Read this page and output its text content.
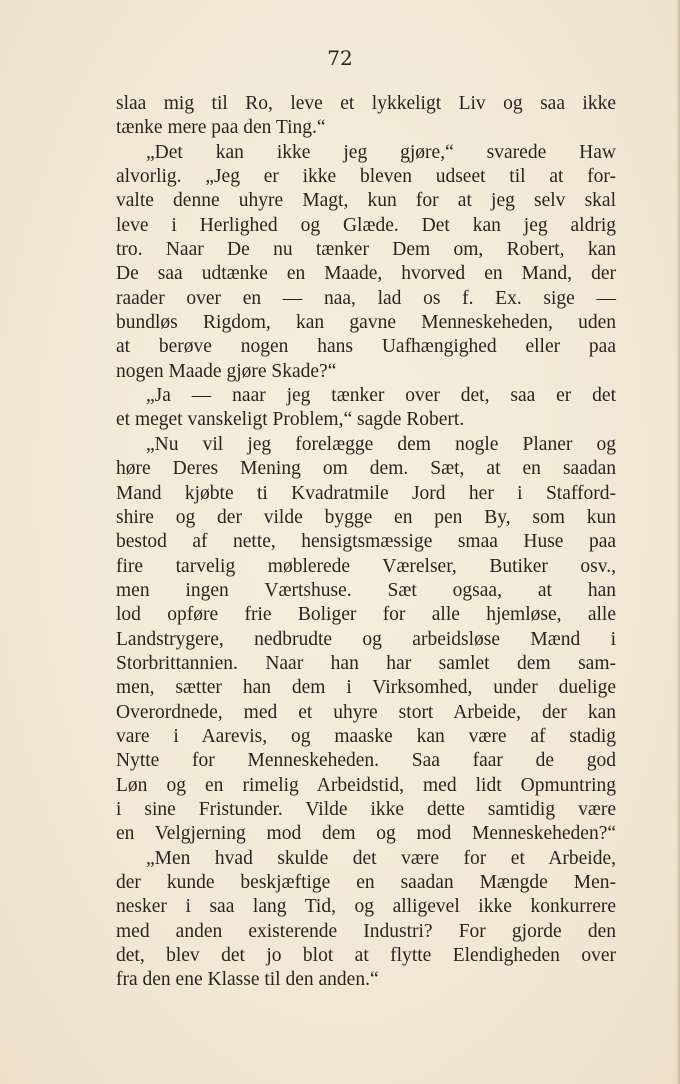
72
slaa mig til Ro, leve et lykkeligt Liv og saa ikke
tænke mere paa den Ting.“
„Det kan ikke jeg gjøre,“ svarede Haw
alvorlig. „Jeg er ikke bleven udseet til at for-
valte denne uhyre Magt, kun for at jeg selv skal
leve i Herlighed og Glæde. Det kan jeg aldrig
tro. Naar De nu tænker Dem om, Robert, kan
De saa udtænke en Maade, hvorved en Mand, der
raader over en — naa, lad os f. Ex. sige —
bundløs Rigdom, kan gavne Menneskeheden, uden
at berøve nogen hans Uafhængighed eller paa
nogen Maade gjøre Skade?“
„Ja — naar jeg tænker over det, saa er det
et meget vanskeligt Problem,“ sagde Robert.
„Nu vil jeg forelægge dem nogle Planer og
høre Deres Mening om dem. Sæt, at en saadan
Mand kjøbte ti Kvadratmile Jord her i Stafford-
shire og der vilde bygge en pen By, som kun
bestod af nette, hensigtsmæssige smaa Huse paa
fire tarvelig møblerede Værelser, Butiker osv.,
men ingen Værtshuse. Sæt ogsaa, at han
lod opføre frie Boliger for alle hjemløse, alle
Landstrygere, nedbrudte og arbeidsløse Mænd i
Storbrittannien. Naar han har samlet dem sam-
men, sætter han dem i Virksomhed, under duelige
Overordnede, med et uhyre stort Arbeide, der kan
vare i Aarevis, og maaske kan være af stadig
Nytte for Menneskeheden. Saa faar de god
Løn og en rimelig Arbeidstid, med lidt Opmuntring
i sine Fristunder. Vilde ikke dette samtidig være
en Velgjerning mod dem og mod Menneskeheden?“
„Men hvad skulde det være for et Arbeide,
der kunde beskjæftige en saadan Mængde Men-
nesker i saa lang Tid, og alligevel ikke konkurrere
med anden existerende Industri? For gjorde den
det, blev det jo blot at flytte Elendigheden over
fra den ene Klasse til den anden.“
